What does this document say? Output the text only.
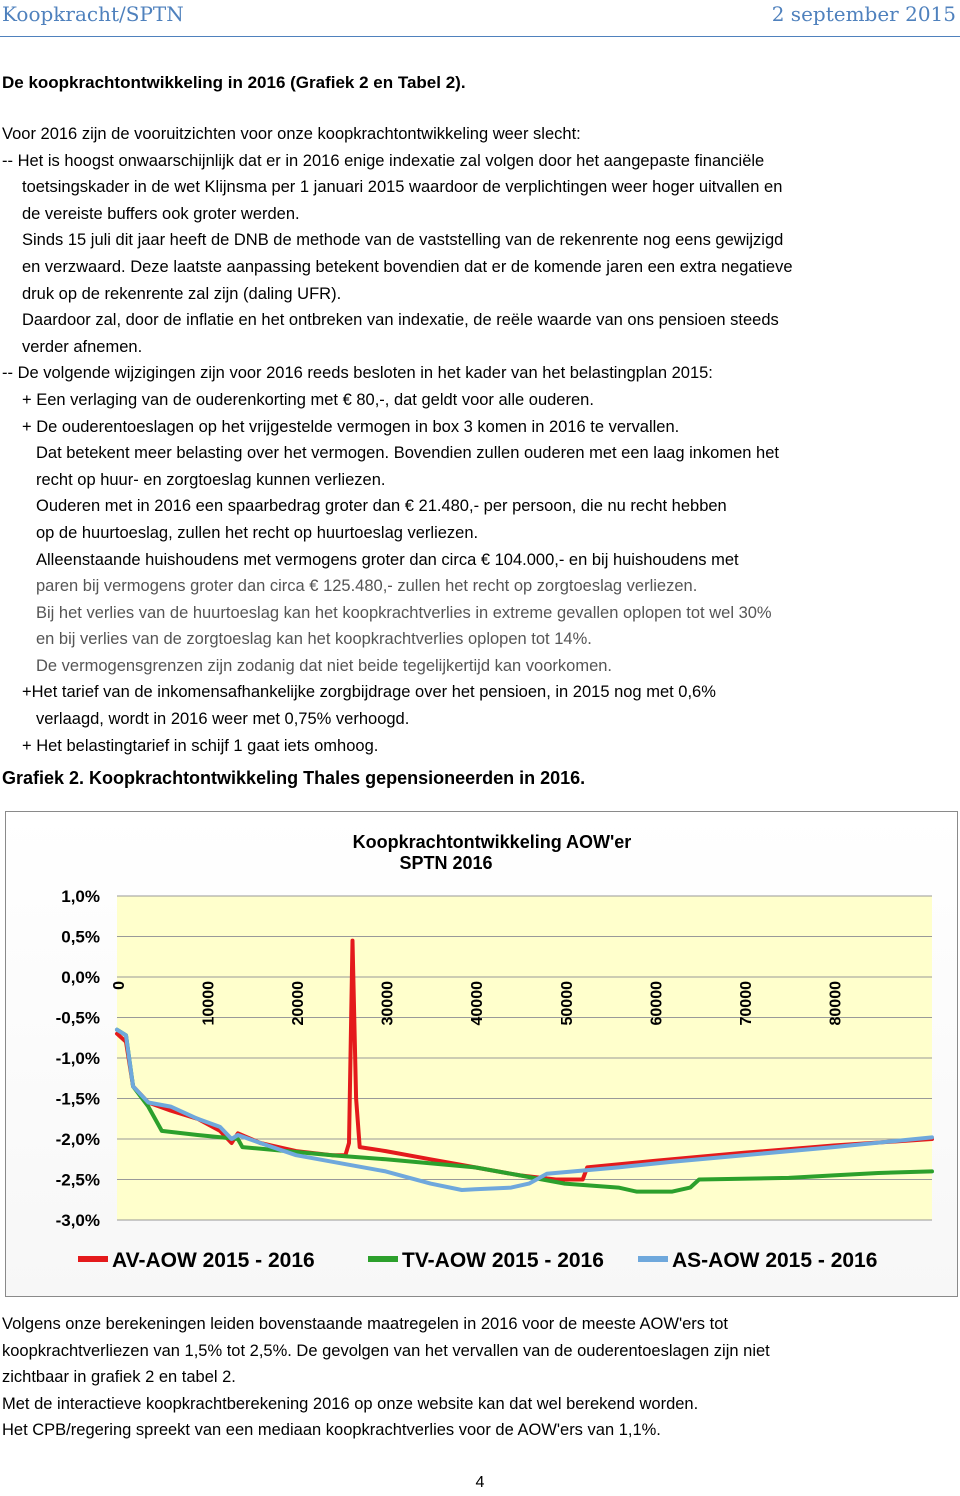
Koopkracht/SPTN	2 september 2015
De koopkrachtontwikkeling in 2016 (Grafiek 2 en Tabel 2).
Voor 2016 zijn de vooruitzichten voor onze koopkrachtontwikkeling weer slecht:
-- Het is hoogst onwaarschijnlijk dat er in 2016 enige indexatie zal volgen door het aangepaste financiële
toetsingskader in de wet Klijnsma per 1 januari 2015 waardoor de verplichtingen weer hoger uitvallen en
de vereiste buffers ook groter werden.
Sinds 15 juli dit jaar heeft de DNB de methode van de vaststelling van de rekenrente nog eens gewijzigd
en verzwaard. Deze laatste aanpassing betekent bovendien dat er de komende jaren een extra negatieve
druk op de rekenrente zal zijn (daling UFR).
Daardoor zal, door de inflatie en het ontbreken van indexatie, de reële waarde van ons pensioen steeds
verder afnemen.
-- De volgende wijzigingen zijn voor 2016 reeds besloten in het kader van het belastingplan 2015:
+ Een verlaging van de ouderenkorting met € 80,-, dat geldt voor alle ouderen.
+ De ouderentoeslagen op het vrijgestelde vermogen in box 3 komen in 2016 te vervallen.
Dat betekent meer belasting over het vermogen. Bovendien zullen ouderen met een laag inkomen het
recht op huur- en zorgtoeslag kunnen verliezen.
Ouderen met in 2016 een spaarbedrag groter dan € 21.480,- per persoon, die nu recht hebben
op de huurtoeslag, zullen het recht op huurtoeslag verliezen.
Alleenstaande huishoudens met vermogens groter dan circa € 104.000,- en bij huishoudens met
paren bij vermogens groter dan circa € 125.480,- zullen het recht op zorgtoeslag verliezen.
Bij het verlies van de huurtoeslag kan het koopkrachtverlies in extreme gevallen oplopen tot wel 30%
en bij verlies van de zorgtoeslag kan het koopkrachtverlies oplopen tot 14%.
De vermogensgrenzen zijn zodanig dat niet beide tegelijkertijd kan voorkomen.
+Het tarief van de inkomensafhankelijke zorgbijdrage over het pensioen, in 2015 nog met 0,6%
verlaagd, wordt in 2016 weer met 0,75% verhoogd.
+ Het belastingtarief in schijf 1 gaat iets omhoog.
Grafiek 2. Koopkrachtontwikkeling Thales gepensioneerden in 2016.
1,0%
0,5%
0,0%
-0,5%
-1,0%
-1,5%
-2,0%
-2,5%
-3,0%
0	10000	20000	30000	40000	50000	60000	70000	80000
Koopkrachtontwikkeling AOW'er
SPTN 2016
AV-AOW 2015 - 2016	TV-AOW 2015 - 2016	AS-AOW 2015 - 2016
Volgens onze berekeningen leiden bovenstaande maatregelen in 2016 voor de meeste AOW'ers tot
koopkrachtverliezen van 1,5% tot 2,5%. De gevolgen van het vervallen van de ouderentoeslagen zijn niet
zichtbaar in grafiek 2 en tabel 2.
Met de interactieve koopkrachtberekening 2016 op onze website kan dat wel berekend worden.
Het CPB/regering spreekt van een mediaan koopkrachtverlies voor de AOW'ers van 1,1%.
4
